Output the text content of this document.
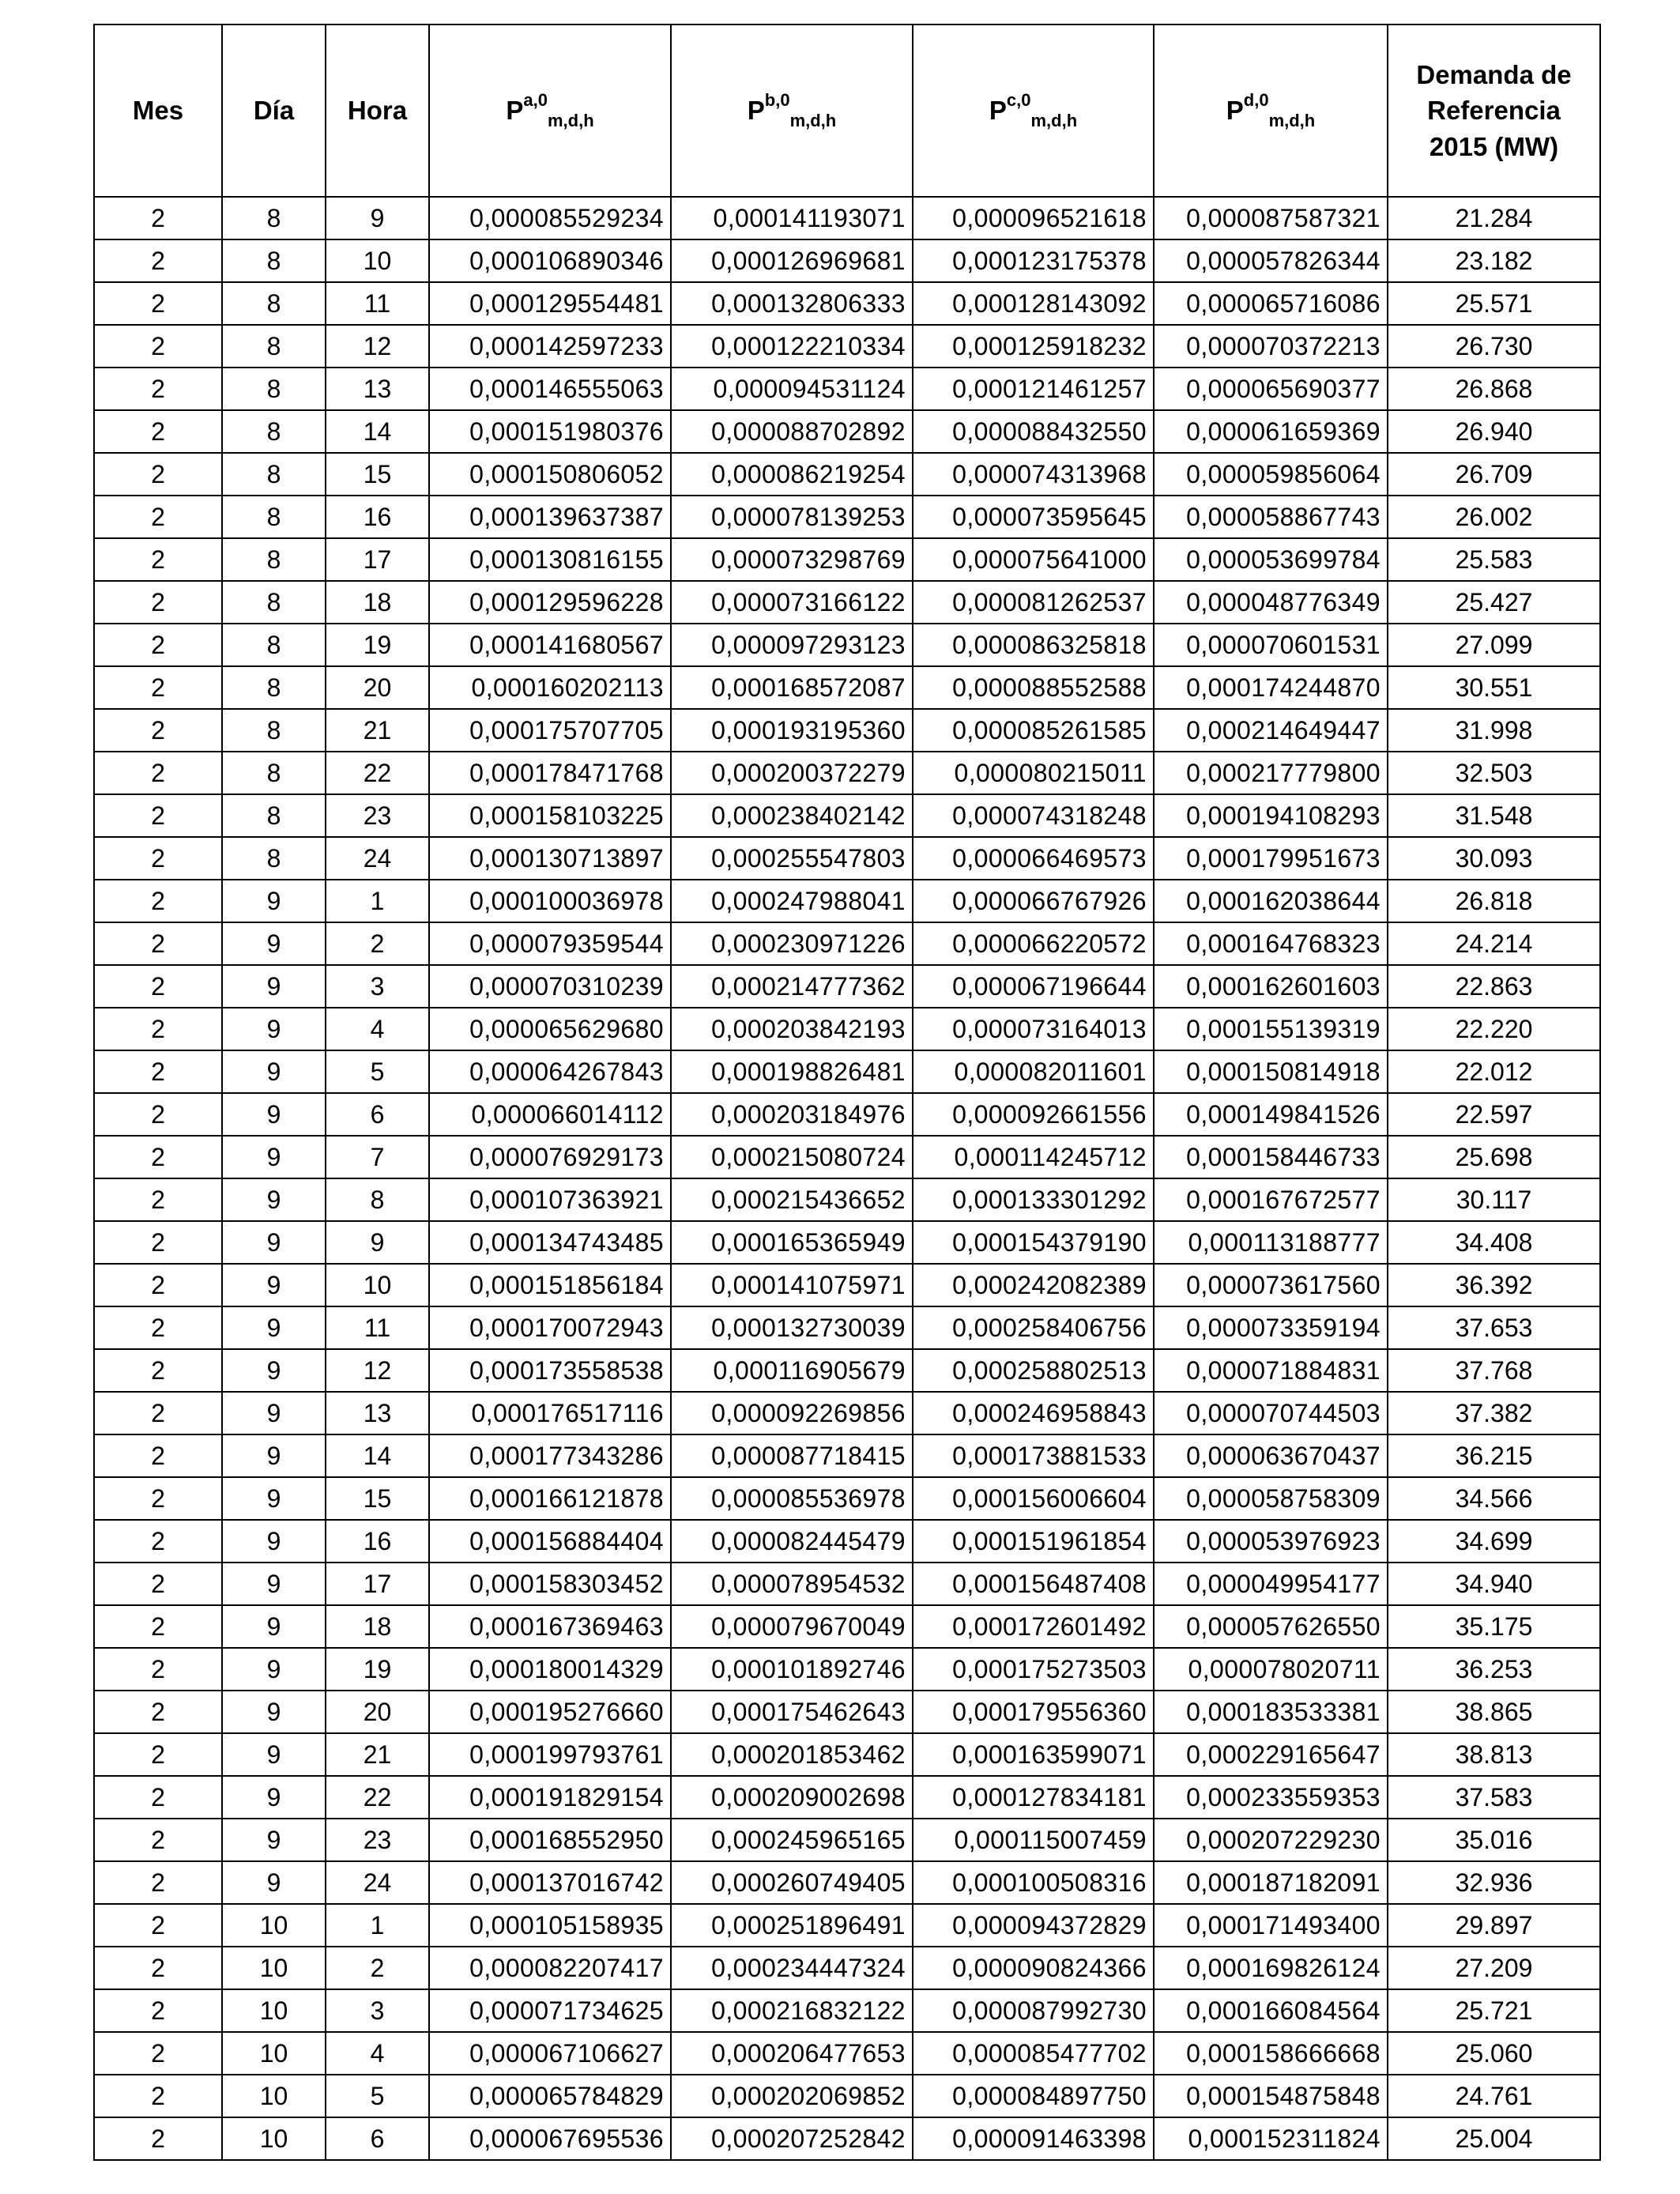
Mes	Día	Hora	P$^{a,0}_{m,d,h}$	P$^{b,0}_{m,d,h}$	P$^{c,0}_{m,d,h}$	P$^{d,0}_{m,d,h}$	Demanda de
Referencia
2015 (MW)
2	8	9	0,000085529234	0,000141193071	0,000096521618	0,000087587321	21.284
2	8	10	0,000106890346	0,000126969681	0,000123175378	0,000057826344	23.182
2	8	11	0,000129554481	0,000132806333	0,000128143092	0,000065716086	25.571
2	8	12	0,000142597233	0,000122210334	0,000125918232	0,000070372213	26.730
2	8	13	0,000146555063	0,000094531124	0,000121461257	0,000065690377	26.868
2	8	14	0,000151980376	0,000088702892	0,000088432550	0,000061659369	26.940
2	8	15	0,000150806052	0,000086219254	0,000074313968	0,000059856064	26.709
2	8	16	0,000139637387	0,000078139253	0,000073595645	0,000058867743	26.002
2	8	17	0,000130816155	0,000073298769	0,000075641000	0,000053699784	25.583
2	8	18	0,000129596228	0,000073166122	0,000081262537	0,000048776349	25.427
2	8	19	0,000141680567	0,000097293123	0,000086325818	0,000070601531	27.099
2	8	20	0,000160202113	0,000168572087	0,000088552588	0,000174244870	30.551
2	8	21	0,000175707705	0,000193195360	0,000085261585	0,000214649447	31.998
2	8	22	0,000178471768	0,000200372279	0,000080215011	0,000217779800	32.503
2	8	23	0,000158103225	0,000238402142	0,000074318248	0,000194108293	31.548
2	8	24	0,000130713897	0,000255547803	0,000066469573	0,000179951673	30.093
2	9	1	0,000100036978	0,000247988041	0,000066767926	0,000162038644	26.818
2	9	2	0,000079359544	0,000230971226	0,000066220572	0,000164768323	24.214
2	9	3	0,000070310239	0,000214777362	0,000067196644	0,000162601603	22.863
2	9	4	0,000065629680	0,000203842193	0,000073164013	0,000155139319	22.220
2	9	5	0,000064267843	0,000198826481	0,000082011601	0,000150814918	22.012
2	9	6	0,000066014112	0,000203184976	0,000092661556	0,000149841526	22.597
2	9	7	0,000076929173	0,000215080724	0,000114245712	0,000158446733	25.698
2	9	8	0,000107363921	0,000215436652	0,000133301292	0,000167672577	30.117
2	9	9	0,000134743485	0,000165365949	0,000154379190	0,000113188777	34.408
2	9	10	0,000151856184	0,000141075971	0,000242082389	0,000073617560	36.392
2	9	11	0,000170072943	0,000132730039	0,000258406756	0,000073359194	37.653
2	9	12	0,000173558538	0,000116905679	0,000258802513	0,000071884831	37.768
2	9	13	0,000176517116	0,000092269856	0,000246958843	0,000070744503	37.382
2	9	14	0,000177343286	0,000087718415	0,000173881533	0,000063670437	36.215
2	9	15	0,000166121878	0,000085536978	0,000156006604	0,000058758309	34.566
2	9	16	0,000156884404	0,000082445479	0,000151961854	0,000053976923	34.699
2	9	17	0,000158303452	0,000078954532	0,000156487408	0,000049954177	34.940
2	9	18	0,000167369463	0,000079670049	0,000172601492	0,000057626550	35.175
2	9	19	0,000180014329	0,000101892746	0,000175273503	0,000078020711	36.253
2	9	20	0,000195276660	0,000175462643	0,000179556360	0,000183533381	38.865
2	9	21	0,000199793761	0,000201853462	0,000163599071	0,000229165647	38.813
2	9	22	0,000191829154	0,000209002698	0,000127834181	0,000233559353	37.583
2	9	23	0,000168552950	0,000245965165	0,000115007459	0,000207229230	35.016
2	9	24	0,000137016742	0,000260749405	0,000100508316	0,000187182091	32.936
2	10	1	0,000105158935	0,000251896491	0,000094372829	0,000171493400	29.897
2	10	2	0,000082207417	0,000234447324	0,000090824366	0,000169826124	27.209
2	10	3	0,000071734625	0,000216832122	0,000087992730	0,000166084564	25.721
2	10	4	0,000067106627	0,000206477653	0,000085477702	0,000158666668	25.060
2	10	5	0,000065784829	0,000202069852	0,000084897750	0,000154875848	24.761
2	10	6	0,000067695536	0,000207252842	0,000091463398	0,000152311824	25.004
